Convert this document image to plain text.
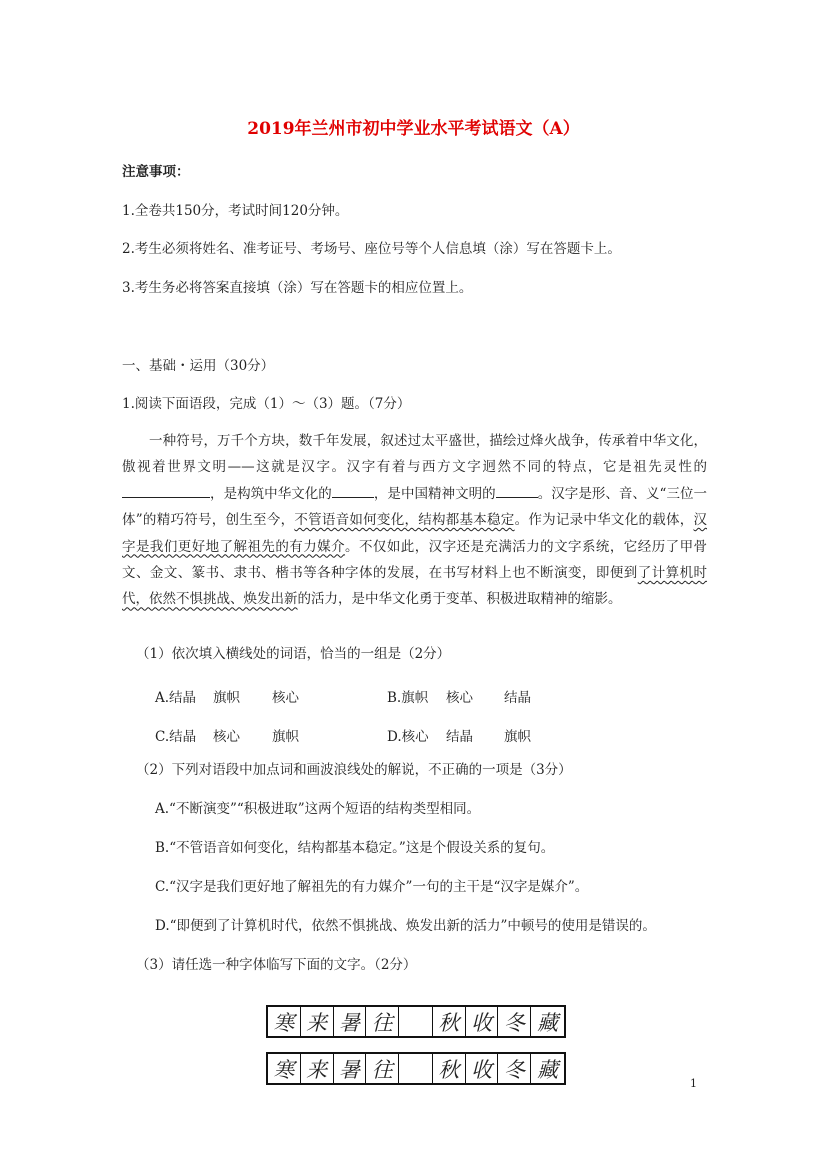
2019年兰州市初中学业水平考试语文（A）
注意事项：
1.全卷共150分，考试时间120分钟。
2.考生必须将姓名、准考证号、考场号、座位号等个人信息填（涂）写在答题卡上。
3.考生务必将答案直接填（涂）写在答题卡的相应位置上。
一、基础・运用（30分）
1.阅读下面语段，完成（1）～（3）题。（7分）
一种符号，万千个方块，数千年发展，叙述过太平盛世，描绘过烽火战争，传承着中华文化，傲视着世界文明——这就是汉字。汉字有着与西方文字迥然不同的特点，它是祖先灵性的，是构筑中华文化的	，是中国精神文明的	。汉字是形、音、义“三位一体”的精巧符号，创生至今，不管语音如何变化，结构都基本稳定。作为记录中华文化的载体，汉字是我们更好地了解祖先的有力媒介。不仅如此，汉字还是充满活力的文字系统，它经历了甲骨文、金文、篆书、隶书、楷书等各种字体的发展，在书写材料上也不断演变，即便到了计算机时代，依然不惧挑战、焕发出新的活力，是中华文化勇于变革、积极进取精神的缩影。
（1）依次填入横线处的词语，恰当的一组是（2分）
A.结晶 旗帜 核心	B.旗帜 核心 结晶
C.结晶 核心 旗帜	D.核心 结晶 旗帜
（2）下列对语段中加点词和画波浪线处的解说，不正确的一项是（3分）
A.“不断演变”“积极进取”这两个短语的结构类型相同。
B.“不管语音如何变化，结构都基本稳定。”这是个假设关系的复句。
C.“汉字是我们更好地了解祖先的有力媒介”一句的主干是“汉字是媒介”。
D.“即便到了计算机时代，依然不惧挑战、焕发出新的活力”中顿号的使用是错误的。
（3）请任选一种字体临写下面的文字。（2分）
寒 来 暑 往	秋 收 冬 藏
寒 来 暑 往	秋 收 冬 藏
1
